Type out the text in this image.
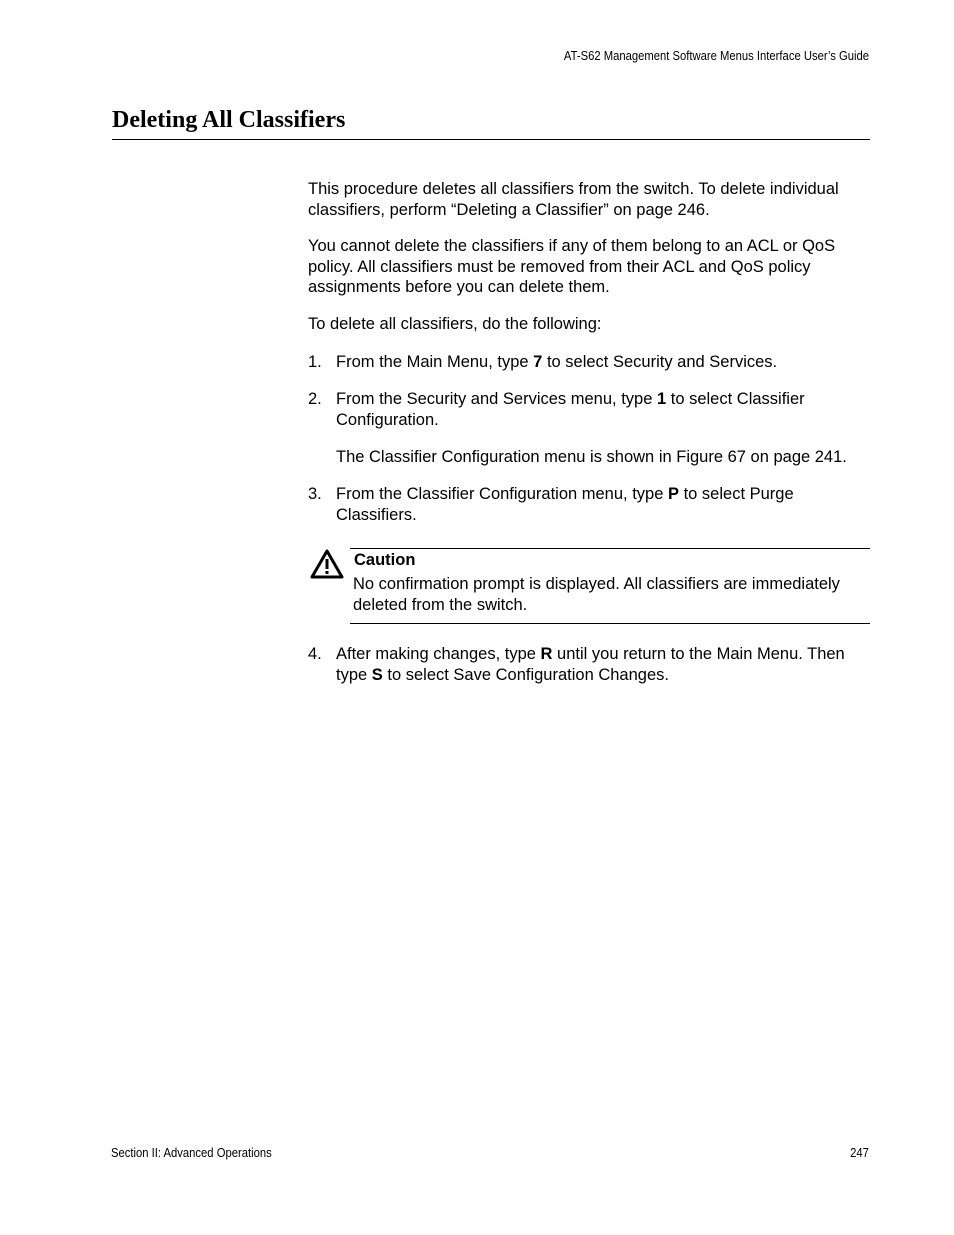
AT-S62 Management Software Menus Interface User’s Guide
Deleting All Classifiers

This procedure deletes all classifiers from the switch. To delete individual classifiers, perform “Deleting a Classifier” on page 246.

You cannot delete the classifiers if any of them belong to an ACL or QoS policy. All classifiers must be removed from their ACL and QoS policy assignments before you can delete them.

To delete all classifiers, do the following:

1. From the Main Menu, type 7 to select Security and Services.
2. From the Security and Services menu, type 1 to select Classifier Configuration.
The Classifier Configuration menu is shown in Figure 67 on page 241.
3. From the Classifier Configuration menu, type P to select Purge Classifiers.
Caution
No confirmation prompt is displayed. All classifiers are immediately deleted from the switch.
4. After making changes, type R until you return to the Main Menu. Then type S to select Save Configuration Changes.
Section II: Advanced Operations	247
